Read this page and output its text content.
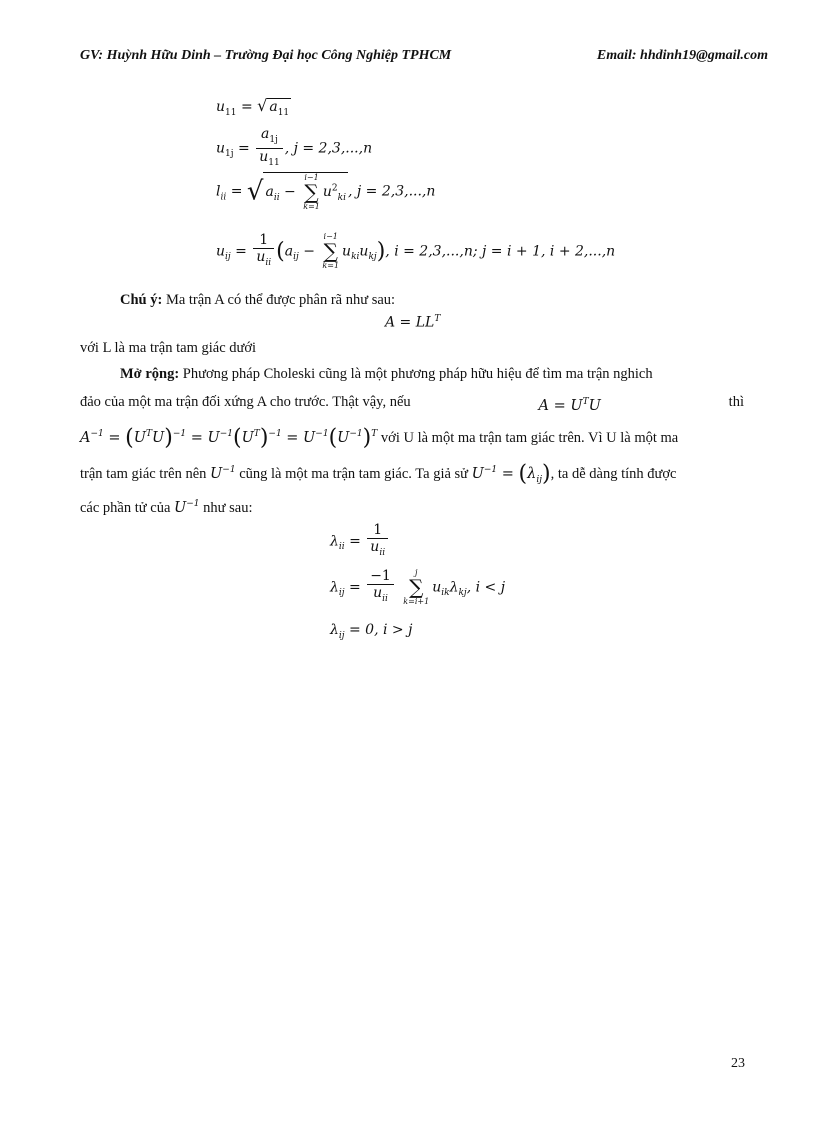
GV: Huỳnh Hữu Dinh – Trường Đại học Công Nghiệp TPHCM	Email: hhdinh19@gmail.com
$u_{11}$ = √ $a_{11}$
$u_{1j} = \frac{a_{1j}}{u_{11}}$ , j = 2,3,...,n
$l_{ii}$ = √ $a_{ii}$ −
i−1
∑
k=1
$u^2_{ki}$ , j = 2,3,...,n
$u_{ij} = \frac{1}{u_{ii}} (a_{ij}$ −
i−1
∑
k=1
$u_{ki}u_{kj}$), i = 2,3,...,n; j = i + 1, i + 2,...,n
Chú ý: Ma trận A có thể được phân rã như sau:
$A = LL^T$
với L là ma trận tam giác dưới
Mở rộng: Phương pháp Choleski cũng là một phương pháp hữu hiệu để tìm ma trận nghich
đảo của một ma trận đối xứng A cho trước. Thật vậy, nếu	$A = U^TU$	thì
$A^{-1} = (U^TU)^{-1} = U^{-1}(U^T)^{-1} = U^{-1}(U^{-1})^T$ với U là một ma trận tam giác trên. Vì U là một ma
trận tam giác trên nên $U^{-1}$ cũng là một ma trận tam giác. Ta giả sử $U^{-1} = (\lambda_{ij})$, ta dễ dàng tính được
các phần tử của $U^{-1}$ như sau:
$\lambda_{ii} = \frac{1}{u_{ii}}$
$\lambda_{ij} = \frac{-1}{u_{ii}}$
	j
∑
k=i+1
$u_{ik}\lambda_{kj}$, i < j
$\lambda_{ij} = 0$, i > j
23
